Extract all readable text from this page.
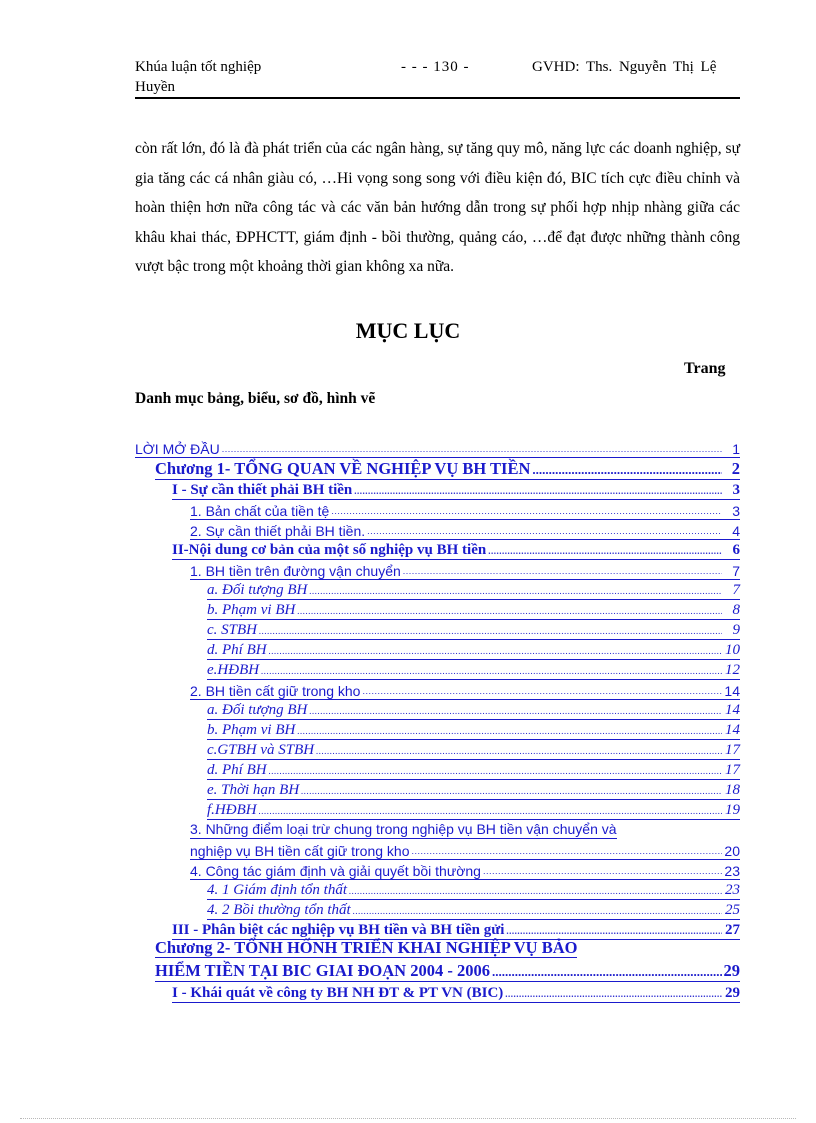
Khúa luận tốt nghiệp	- - - 130 -	GVHD: Ths. Nguyễn Thị Lệ
Huyền

còn rất lớn, đó là đà phát triển của các ngân hàng, sự tăng quy mô, năng lực các doanh nghiệp, sự gia tăng các cá nhân giàu có, …Hi vọng song song với điều kiện đó, BIC tích cực điều chỉnh và hoàn thiện hơn nữa công tác và các văn bản hướng dẫn trong sự phối hợp nhịp nhàng giữa các khâu khai thác, ĐPHCTT, giám định - bồi thường, quảng cáo, …để đạt được những thành công vượt bậc trong một khoảng thời gian không xa nữa.

MỤC LỤC
Trang
Danh mục bảng, biểu, sơ đồ, hình vẽ
LỜI MỞ ĐẦU .....	1
Chương 1- TỔNG QUAN VỀ NGHIỆP VỤ BH TIỀN .....	2
I - Sự cần thiết phải BH tiền .....	3
1. Bản chất của tiền tệ .....	3
2. Sự cần thiết phải BH tiền. .....	4
II-Nội dung cơ bản của một số nghiệp vụ BH tiền .....	6
1. BH tiền trên đường vận chuyển .....	7
a. Đối tượng BH .....	7
b. Phạm vi BH .....	8
c. STBH .....	9
d. Phí BH .....	10
e.HĐBH .....	12
2. BH tiền cất giữ trong kho .....	14
a. Đối tượng BH .....	14
b. Phạm vi BH .....	14
c.GTBH và STBH .....	17
d. Phí BH .....	17
e. Thời hạn BH .....	18
f.HĐBH .....	19
3. Những điểm loại trừ chung trong nghiệp vụ BH tiền vận chuyển và
nghiệp vụ BH tiền cất giữ trong kho .....	20
4. Công tác giám định và giải quyết bồi thường .....	23
4. 1 Giám định tổn thất .....	23
4. 2 Bồi thường tổn thất .....	25
III - Phân biệt các nghiệp vụ BH tiền và BH tiền gửi .....	27
Chương 2- TỔNH HỐNH TRIỂN KHAI NGHIỆP VỤ BẢO
HIỂM TIỀN TẠI BIC GIAI ĐOẠN 2004 - 2006 .....	29
I - Khái quát về công ty BH NH ĐT & PT VN (BIC) .....	29
